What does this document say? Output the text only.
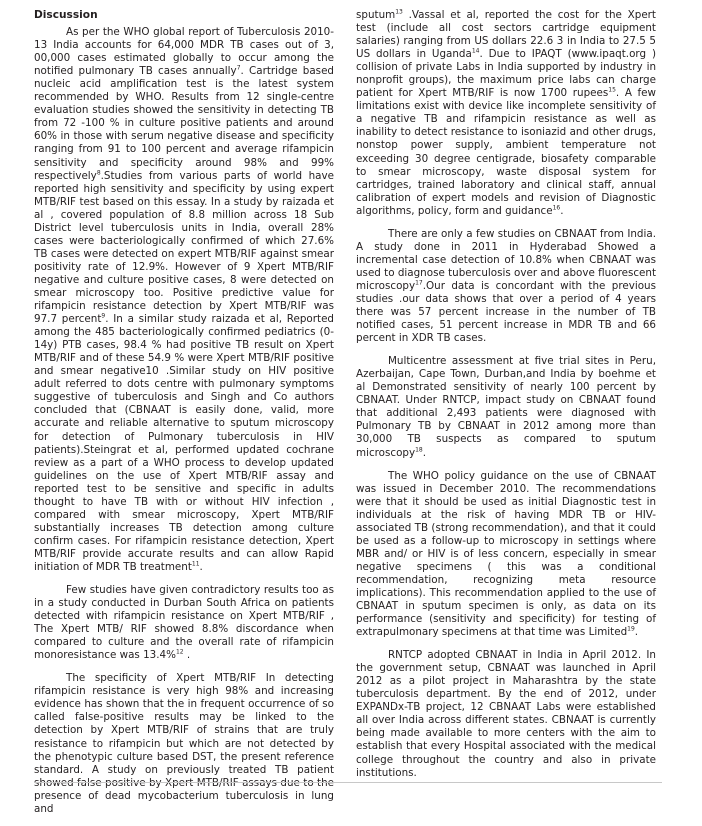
Discussion

As per the WHO global report of Tuberculosis 2010-13 India accounts for 64,000 MDR TB cases out of 3, 00,000 cases estimated globally to occur among the notified pulmonary TB cases annually$^7$. Cartridge based nucleic acid amplification test is the latest system recommended by WHO. Results from 12 single-centre evaluation studies showed the sensitivity in detecting TB from 72 -100 % in culture positive patients and around 60% in those with serum negative disease and specificity ranging from 91 to 100 percent and average rifampicin sensitivity and specificity around 98% and 99% respectively$^8$.Studies from various parts of world have reported high sensitivity and specificity by using expert MTB/RIF test based on this essay. In a study by raizada et al , covered population of 8.8 million across 18 Sub District level tuberculosis units in India, overall 28% cases were bacteriologically confirmed of which 27.6% TB cases were detected on expert MTB/RIF against smear positivity rate of 12.9%. However of 9 Xpert MTB/RIF negative and culture positive cases, 8 were detected on smear microscopy too. Positive predictive value for rifampicin resistance detection by Xpert MTB/RIF was 97.7 percent$^9$. In a similar study raizada et al, Reported among the 485 bacteriologically confirmed pediatrics (0-14y) PTB cases, 98.4 % had positive TB result on Xpert MTB/RIF and of these 54.9 % were Xpert MTB/RIF positive and smear negative10 .Similar study on HIV positive adult referred to dots centre with pulmonary symptoms suggestive of tuberculosis and Singh and Co authors concluded that (CBNAAT is easily done, valid, more accurate and reliable alternative to sputum microscopy for detection of Pulmonary tuberculosis in HIV patients).Steingrat et al, performed updated cochrane review as a part of a WHO process to develop updated guidelines on the use of Xpert MTB/RIF assay and reported test to be sensitive and specific in adults thought to have TB with or without HIV infection , compared with smear microscopy, Xpert MTB/RIF substantially increases TB detection among culture confirm cases. For rifampicin resistance detection, Xpert MTB/RIF provide accurate results and can allow Rapid initiation of MDR TB treatment$^{11}$.

Few studies have given contradictory results too as in a study conducted in Durban South Africa on patients detected with rifampicin resistance on Xpert MTB/RIF , The Xpert MTB/ RIF showed 8.8% discordance when compared to culture and the overall rate of rifampicin monoresistance was 13.4%$^{12}$ .

The specificity of Xpert MTB/RIF In detecting rifampicin resistance is very high 98% and increasing evidence has shown that the in frequent occurrence of so called false-positive results may be linked to the detection by Xpert MTB/RIF of strains that are truly resistance to rifampicin but which are not detected by the phenotypic culture based DST, the present reference standard. A study on previously treated TB patient showed false positive by Xpert MTB/RIF assays due to the presence of dead mycobacterium tuberculosis in lung and

sputum$^{13}$ .Vassal et al, reported the cost for the Xpert test (include all cost sectors cartridge equipment salaries) ranging from US dollars 22.6 3 in India to 27.5 5 US dollars in Uganda$^{14}$. Due to IPAQT (www.ipaqt.org ) collision of private Labs in India supported by industry in nonprofit groups), the maximum price labs can charge patient for Xpert MTB/RIF is now 1700 rupees$^{15}$. A few limitations exist with device like incomplete sensitivity of a negative TB and rifampicin resistance as well as inability to detect resistance to isoniazid and other drugs, nonstop power supply, ambient temperature not exceeding 30 degree centigrade, biosafety comparable to smear microscopy, waste disposal system for cartridges, trained laboratory and clinical staff, annual calibration of expert models and revision of Diagnostic algorithms, policy, form and guidance$^{16}$.

There are only a few studies on CBNAAT from India. A study done in 2011 in Hyderabad Showed a incremental case detection of 10.8% when CBNAAT was used to diagnose tuberculosis over and above fluorescent microscopy$^{17}$.Our data is concordant with the previous studies .our data shows that over a period of 4 years there was 57 percent increase in the number of TB notified cases, 51 percent increase in MDR TB and 66 percent in XDR TB cases.

Multicentre assessment at five trial sites in Peru, Azerbaijan, Cape Town, Durban,and India by boehme et al Demonstrated sensitivity of nearly 100 percent by CBNAAT. Under RNTCP, impact study on CBNAAT found that additional 2,493 patients were diagnosed with Pulmonary TB by CBNAAT in 2012 among more than 30,000 TB suspects as compared to sputum microscopy$^{18}$.

The WHO policy guidance on the use of CBNAAT was issued in December 2010. The recommendations were that it should be used as initial Diagnostic test in individuals at the risk of having MDR TB or HIV-associated TB (strong recommendation), and that it could be used as a follow-up to microscopy in settings where MBR and/ or HIV is of less concern, especially in smear negative specimens ( this was a conditional recommendation, recognizing meta resource implications). This recommendation applied to the use of CBNAAT in sputum specimen is only, as data on its performance (sensitivity and specificity) for testing of extrapulmonary specimens at that time was Limited$^{19}$.

RNTCP adopted CBNAAT in India in April 2012. In the government setup, CBNAAT was launched in April 2012 as a pilot project in Maharashtra by the state tuberculosis department. By the end of 2012, under EXPANDx-TB project, 12 CBNAAT Labs were established all over India across different states. CBNAAT is currently being made available to more centers with the aim to establish that every Hospital associated with the medical college throughout the country and also in private institutions.
